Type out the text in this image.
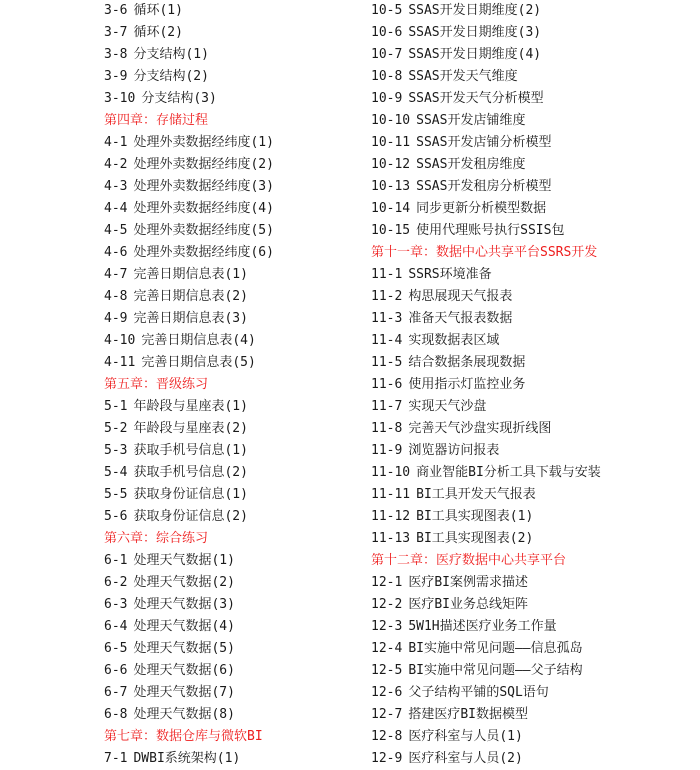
3-6 循环(1)
3-7 循环(2)
3-8 分支结构(1)
3-9 分支结构(2)
3-10 分支结构(3)
第四章：存储过程
4-1 处理外卖数据经纬度(1)
4-2 处理外卖数据经纬度(2)
4-3 处理外卖数据经纬度(3)
4-4 处理外卖数据经纬度(4)
4-5 处理外卖数据经纬度(5)
4-6 处理外卖数据经纬度(6)
4-7 完善日期信息表(1)
4-8 完善日期信息表(2)
4-9 完善日期信息表(3)
4-10 完善日期信息表(4)
4-11 完善日期信息表(5)
第五章：晋级练习
5-1 年龄段与星座表(1)
5-2 年龄段与星座表(2)
5-3 获取手机号信息(1)
5-4 获取手机号信息(2)
5-5 获取身份证信息(1)
5-6 获取身份证信息(2)
第六章：综合练习
6-1 处理天气数据(1)
6-2 处理天气数据(2)
6-3 处理天气数据(3)
6-4 处理天气数据(4)
6-5 处理天气数据(5)
6-6 处理天气数据(6)
6-7 处理天气数据(7)
6-8 处理天气数据(8)
第七章：数据仓库与微软BI
7-1 DWBI系统架构(1)
10-5 SSAS开发日期维度(2)
10-6 SSAS开发日期维度(3)
10-7 SSAS开发日期维度(4)
10-8 SSAS开发天气维度
10-9 SSAS开发天气分析模型
10-10 SSAS开发店铺维度
10-11 SSAS开发店铺分析模型
10-12 SSAS开发租房维度
10-13 SSAS开发租房分析模型
10-14 同步更新分析模型数据
10-15 使用代理账号执行SSIS包
第十一章：数据中心共享平台SSRS开发
11-1 SSRS环境准备
11-2 构思展现天气报表
11-3 准备天气报表数据
11-4 实现数据表区域
11-5 结合数据条展现数据
11-6 使用指示灯监控业务
11-7 实现天气沙盘
11-8 完善天气沙盘实现折线图
11-9 浏览器访问报表
11-10 商业智能BI分析工具下载与安装
11-11 BI工具开发天气报表
11-12 BI工具实现图表(1)
11-13 BI工具实现图表(2)
第十二章：医疗数据中心共享平台
12-1 医疗BI案例需求描述
12-2 医疗BI业务总线矩阵
12-3 5W1H描述医疗业务工作量
12-4 BI实施中常见问题——信息孤岛
12-5 BI实施中常见问题——父子结构
12-6 父子结构平铺的SQL语句
12-7 搭建医疗BI数据模型
12-8 医疗科室与人员(1)
12-9 医疗科室与人员(2)
